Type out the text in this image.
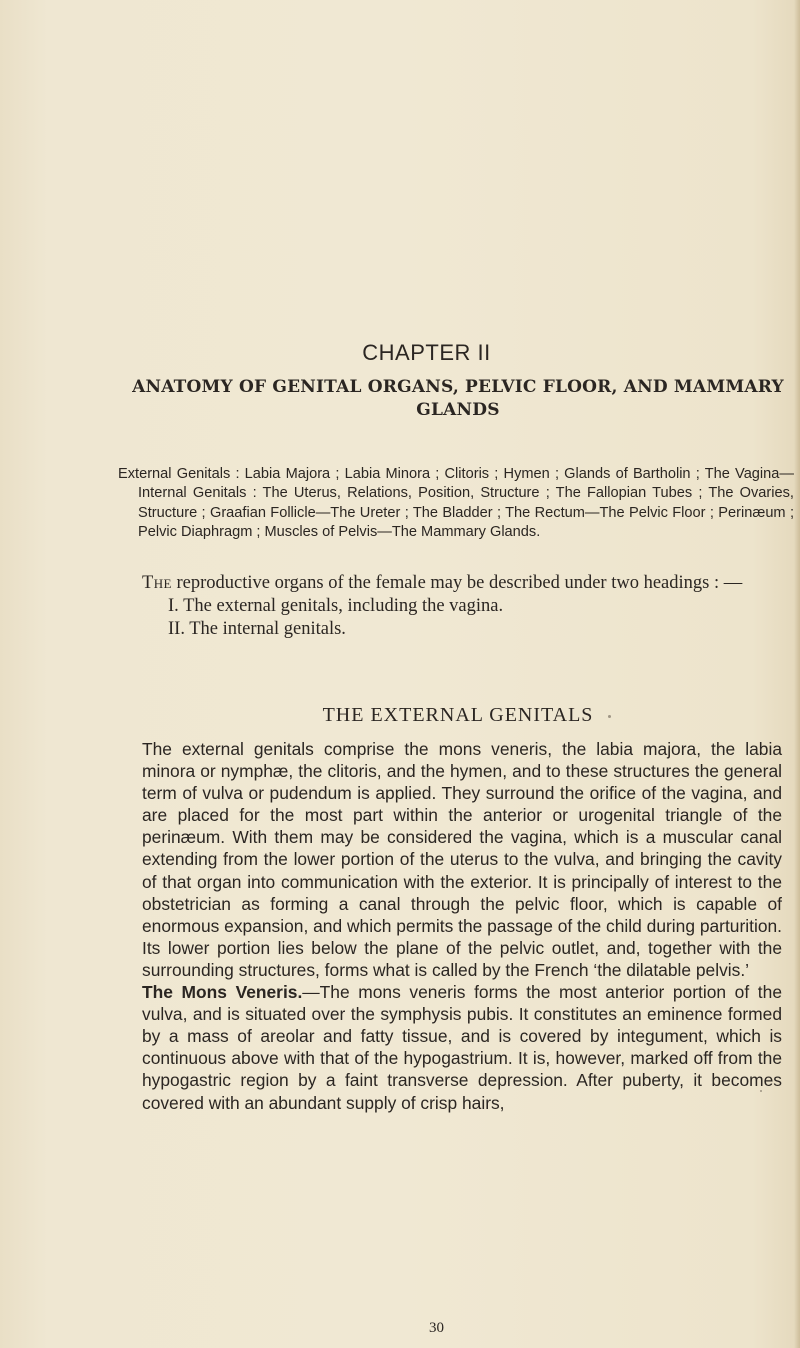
CHAPTER II
ANATOMY OF GENITAL ORGANS, PELVIC FLOOR, AND MAMMARY GLANDS
External Genitals : Labia Majora ; Labia Minora ; Clitoris ; Hymen ; Glands of Bartholin ; The Vagina—Internal Genitals : The Uterus, Relations, Position, Structure ; The Fallopian Tubes ; The Ovaries, Structure ; Graafian Follicle—The Ureter ; The Bladder ; The Rectum—The Pelvic Floor ; Perinæum ; Pelvic Diaphragm ; Muscles of Pelvis—The Mammary Glands.

The reproductive organs of the female may be described under two headings : —

I. The external genitals, including the vagina.

II. The internal genitals.

THE EXTERNAL GENITALS

The external genitals comprise the mons veneris, the labia majora, the labia minora or nymphæ, the clitoris, and the hymen, and to these structures the general term of vulva or pudendum is applied. They surround the orifice of the vagina, and are placed for the most part within the anterior or urogenital triangle of the perinæum. With them may be considered the vagina, which is a muscular canal extending from the lower portion of the uterus to the vulva, and bringing the cavity of that organ into communication with the exterior. It is principally of interest to the obstetrician as forming a canal through the pelvic floor, which is capable of enormous expansion, and which permits the passage of the child during parturition. Its lower portion lies below the plane of the pelvic outlet, and, together with the surrounding structures, forms what is called by the French ‘the dilatable pelvis.’

The Mons Veneris.—The mons veneris forms the most anterior portion of the vulva, and is situated over the symphysis pubis. It constitutes an eminence formed by a mass of areolar and fatty tissue, and is covered by integument, which is continuous above with that of the hypogastrium. It is, however, marked off from the hypogastric region by a faint transverse depression. After puberty, it becomes covered with an abundant supply of crisp hairs,

30
